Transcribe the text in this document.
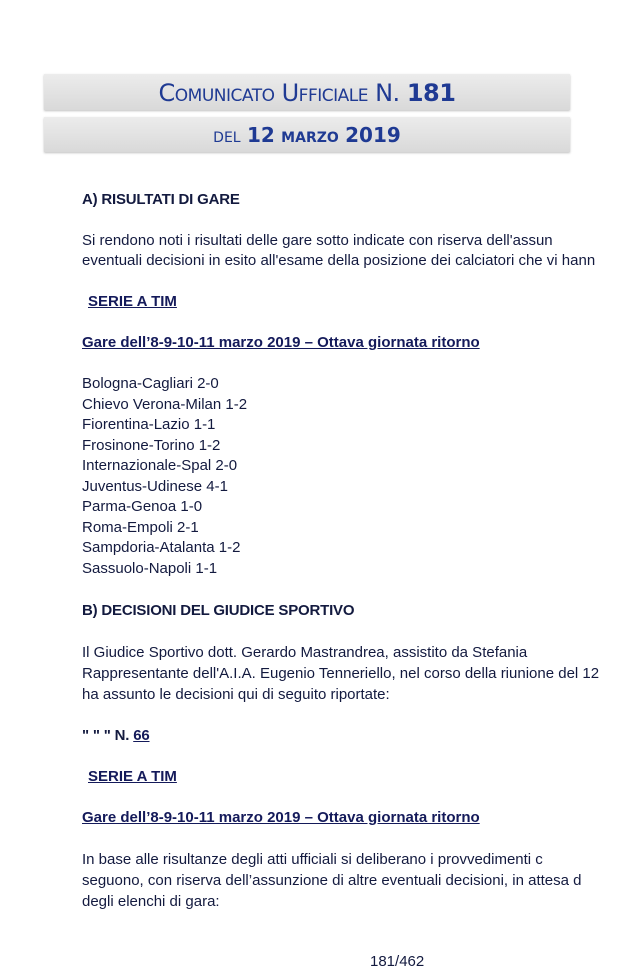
Comunicato Ufficiale N. 181
del 12 marzo 2019
A) RISULTATI DI GARE
Si rendono noti i risultati delle gare sotto indicate con riserva dell'assun
eventuali decisioni in esito all'esame della posizione dei calciatori che vi hann
SERIE A TIM
Gare dell’8-9-10-11 marzo 2019 – Ottava giornata ritorno
Bologna-Cagliari 2-0
Chievo Verona-Milan 1-2
Fiorentina-Lazio 1-1
Frosinone-Torino 1-2
Internazionale-Spal 2-0
Juventus-Udinese 4-1
Parma-Genoa 1-0
Roma-Empoli 2-1
Sampdoria-Atalanta 1-2
Sassuolo-Napoli 1-1
B) DECISIONI DEL GIUDICE SPORTIVO
Il Giudice Sportivo dott. Gerardo Mastrandrea, assistito da Stefania
Rappresentante dell'A.I.A. Eugenio Tenneriello, nel corso della riunione del 12
ha assunto le decisioni qui di seguito riportate:
" " " N. 66
SERIE A TIM
Gare dell’8-9-10-11 marzo 2019 – Ottava giornata ritorno
In base alle risultanze degli atti ufficiali si deliberano i provvedimenti c
seguono, con riserva dell’assunzione di altre eventuali decisioni, in attesa d
degli elenchi di gara:
181/462
